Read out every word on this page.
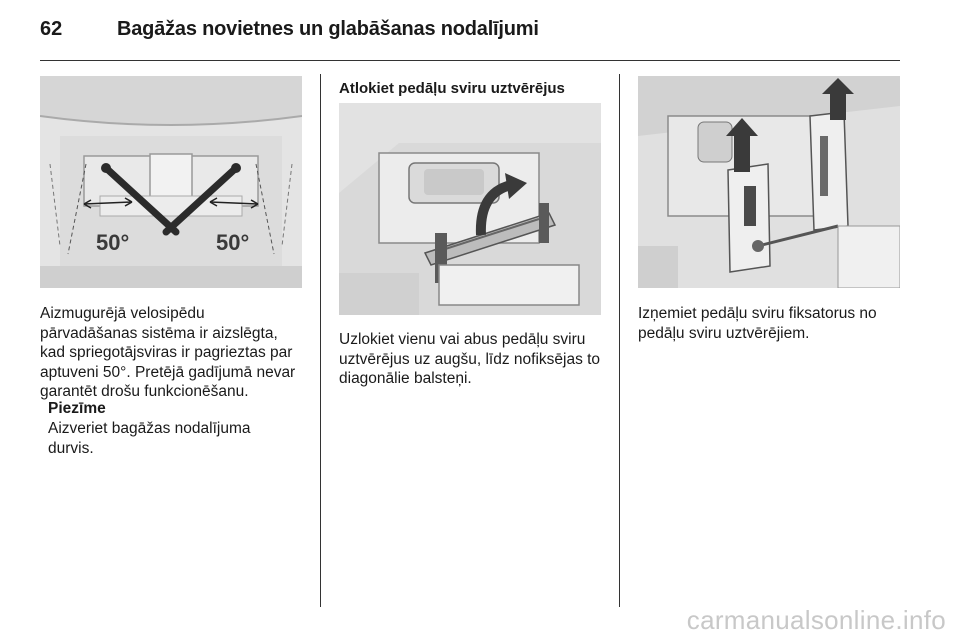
62	Bagāžas novietnes un glabāšanas nodalījumi
50°	50°
Aizmugurējā velosipēdu pārvadāšanas sistēma ir aizslēgta, kad spriegotājsviras ir pagrieztas par aptuveni 50°. Pretējā gadījumā nevar garantēt drošu funkcionēšanu.
Piezīme
Aizveriet bagāžas nodalījuma durvis.
Atlokiet pedāļu sviru uztvērējus
Uzlokiet vienu vai abus pedāļu sviru uztvērējus uz augšu, līdz nofiksējas to diagonālie balsteņi.
Izņemiet pedāļu sviru fiksatorus no pedāļu sviru uztvērējiem.
carmanualsonline.info
